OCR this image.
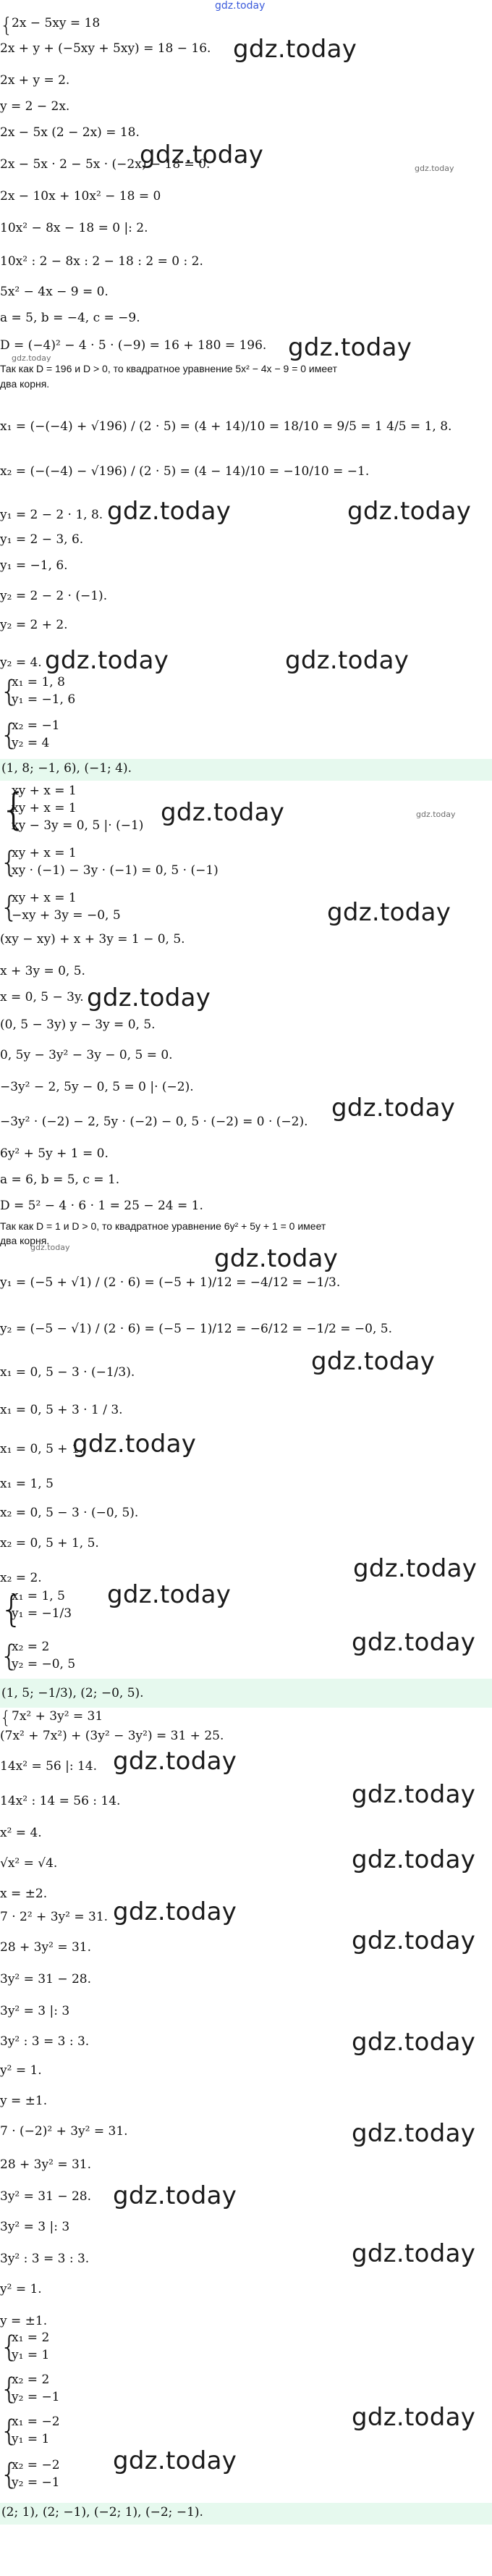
gdz.today
{
2x − 5xy = 18
2x + y + (−5xy + 5xy) = 18 − 16. gdz.today
2x + y = 2.
y = 2 − 2x.
2x − 5x (2 − 2x) = 18.
2x − 5x · 2 − 5x · (−2x) − 18 = 0.
2x − 10x + 10x² − 18 = 0
gdz.today	gdz.today
10x² − 8x − 18 = 0 |: 2.
10x² : 2 − 8x : 2 − 18 : 2 = 0 : 2.
5x² − 4x − 9 = 0.
a = 5, b = −4, c = −9.
D = (−4)² − 4 · 5 · (−9) = 16 + 180 = 196. gdz.today
gdz.today
Так как D = 196 и D > 0, то квадратное уравнение 5x² − 4x − 9 = 0 имеет
два корня.
x₁ = (−(−4) + √196) / (2 · 5) = (4 + 14)/10 = 18/10 = 9/5 = 1 4/5 = 1, 8.
x₂ = (−(−4) − √196) / (2 · 5) = (4 − 14)/10 = −10/10 = −1.
y₁ = 2 − 2 · 1, 8. gdz.today	gdz.today
y₁ = 2 − 3, 6.
y₁ = −1, 6.
y₂ = 2 − 2 · (−1).
y₂ = 2 + 2.
y₂ = 4. gdz.today	gdz.today
{
x₁ = 1, 8
y₁ = −1, 6
{
x₂ = −1
y₂ = 4
(1, 8; −1, 6), (−1; 4).
{
xy + x = 1
xy + x = 1
xy − 3y = 0, 5 |· (−1) gdz.today	gdz.today
{
xy + x = 1
xy · (−1) − 3y · (−1) = 0, 5 · (−1)
{
xy + x = 1
−xy + 3y = −0, 5
(xy − xy) + x + 3y = 1 − 0, 5.
gdz.today
x + 3y = 0, 5.
x = 0, 5 − 3y. gdz.today
(0, 5 − 3y) y − 3y = 0, 5.
0, 5y − 3y² − 3y − 0, 5 = 0.
−3y² − 2, 5y − 0, 5 = 0 |· (−2).
−3y² · (−2) − 2, 5y · (−2) − 0, 5 · (−2) = 0 · (−2). gdz.today
6y² + 5y + 1 = 0.
a = 6, b = 5, c = 1.
D = 5² − 4 · 6 · 1 = 25 − 24 = 1.
Так как D = 1 и D > 0, то квадратное уравнение 6y² + 5y + 1 = 0 имеет
два корня.
gdz.today	gdz.today
y₁ = (−5 + √1) / (2 · 6) = (−5 + 1)/12 = −4/12 = −1/3.
y₂ = (−5 − √1) / (2 · 6) = (−5 − 1)/12 = −6/12 = −1/2 = −0, 5.
x₁ = 0, 5 − 3 · (−1/3).	gdz.today
x₁ = 0, 5 + 3 · 1 / 3.
x₁ = 0, 5 + 1.
gdz.today
x₁ = 1, 5
x₂ = 0, 5 − 3 · (−0, 5).
x₂ = 0, 5 + 1, 5.
x₂ = 2.	gdz.today
{
x₁ = 1, 5
y₁ = −1/3
gdz.today
{
x₂ = 2
y₂ = −0, 5
gdz.today
(1, 5; −1/3), (2; −0, 5).
{ 7x² + 3y² = 31
(7x² + 7x²) + (3y² − 3y²) = 31 + 25.
14x² = 56 |: 14. gdz.today
14x² : 14 = 56 : 14.	gdz.today
x² = 4.
√x² = √4.	gdz.today
x = ±2.
7 · 2² + 3y² = 31. gdz.today
28 + 3y² = 31.	gdz.today
3y² = 31 − 28.
3y² = 3 |: 3
3y² : 3 = 3 : 3.	gdz.today
y² = 1.
y = ±1.
7 · (−2)² + 3y² = 31.	gdz.today
28 + 3y² = 31.
3y² = 31 − 28. gdz.today
3y² = 3 |: 3
3y² : 3 = 3 : 3.	gdz.today
y² = 1.
y = ±1.
{
x₁ = 2
y₁ = 1
{
x₂ = 2
y₂ = −1
{
x₁ = −2
y₁ = 1
gdz.today
{
x₂ = −2
y₂ = −1
gdz.today
(2; 1), (2; −1), (−2; 1), (−2; −1).
